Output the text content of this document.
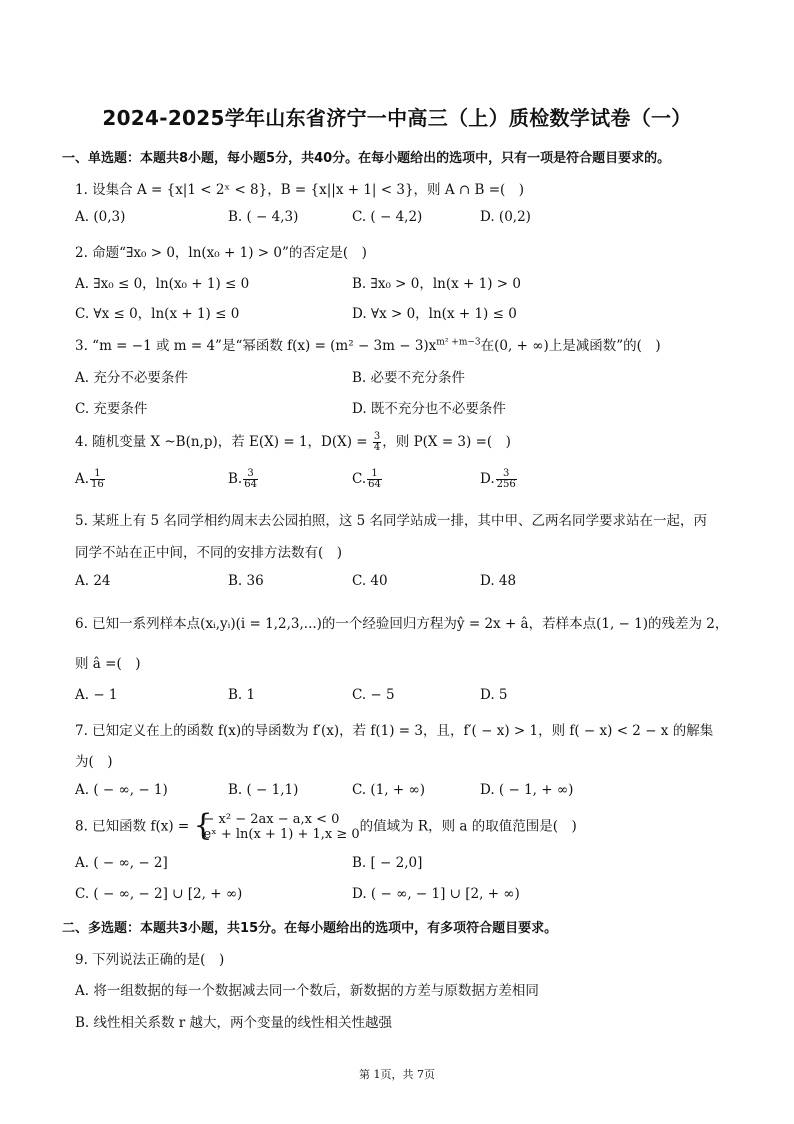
2024-2025学年山东省济宁一中高三（上）质检数学试卷（一）
一、单选题：本题共8小题，每小题5分，共40分。在每小题给出的选项中，只有一项是符合题目要求的。
1. 设集合 A = {x|1 < 2ˣ < 8}，B = {x||x + 1| < 3}，则 A ∩ B =(　)
A. (0,3)	B. ( − 4,3)	C. ( − 4,2)	D. (0,2)
2. 命题“∃x₀ > 0，ln(x₀ + 1) > 0”的否定是(　)
A. ∃x₀ ≤ 0，ln(x₀ + 1) ≤ 0	B. ∃x₀ > 0，ln(x + 1) > 0
C. ∀x ≤ 0，ln(x + 1) ≤ 0	D. ∀x > 0，ln(x + 1) ≤ 0
3. “m = −1 或 m = 4”是“幂函数 $f(x) = (m^2 - 3m - 3)x^{m^2 +m-3}$在(0, + ∞)上是减函数”的(　)
A. 充分不必要条件	B. 必要不充分条件
C. 充要条件	D. 既不充分也不必要条件
4. 随机变量 X ~B(n,p)，若 E(X) = 1，$D(X) = \frac{3}{4}$ ，则 P(X = 3) =(　)
A. $\frac{1}{16}$	B. $\frac{3}{64}$	C. $\frac{1}{64}$	D. $\frac{3}{256}$
5. 某班上有 5 名同学相约周末去公园拍照，这 5 名同学站成一排，其中甲、乙两名同学要求站在一起，丙
同学不站在正中间，不同的安排方法数有(　)
A. 24	B. 36	C. 40	D. 48
6. 已知一系列样本点(xᵢ,yᵢ)(i = 1,2,3,...)的一个经验回归方程为ŷ = 2x + â，若样本点(1, − 1)的残差为 2，
则 â =(　)
A. − 1	B. 1	C. − 5	D. 5
7. 已知定义在上的函数 f(x)的导函数为 f′(x)，若 f(1) = 3，且，f′( − x) > 1，则 f( − x) < 2 − x 的解集
为(　)
A. ( − ∞, − 1)	B. ( − 1,1)	C. (1, + ∞)	D. ( − 1, + ∞)
8. 已知函数 f(x) = {
− x² − 2ax − a,x < 0
eˣ + ln(x + 1) + 1,x ≥ 0 的值域为 R，则 a 的取值范围是(　)
A. ( − ∞, − 2]	B. [ − 2,0]
C. ( − ∞, − 2] ∪ [2, + ∞)	D. ( − ∞, − 1] ∪ [2, + ∞)
二、多选题：本题共3小题，共15分。在每小题给出的选项中，有多项符合题目要求。
9. 下列说法正确的是(　)
A. 将一组数据的每一个数据减去同一个数后，新数据的方差与原数据方差相同
B. 线性相关系数 r 越大，两个变量的线性相关性越强
第 1页，共 7页
